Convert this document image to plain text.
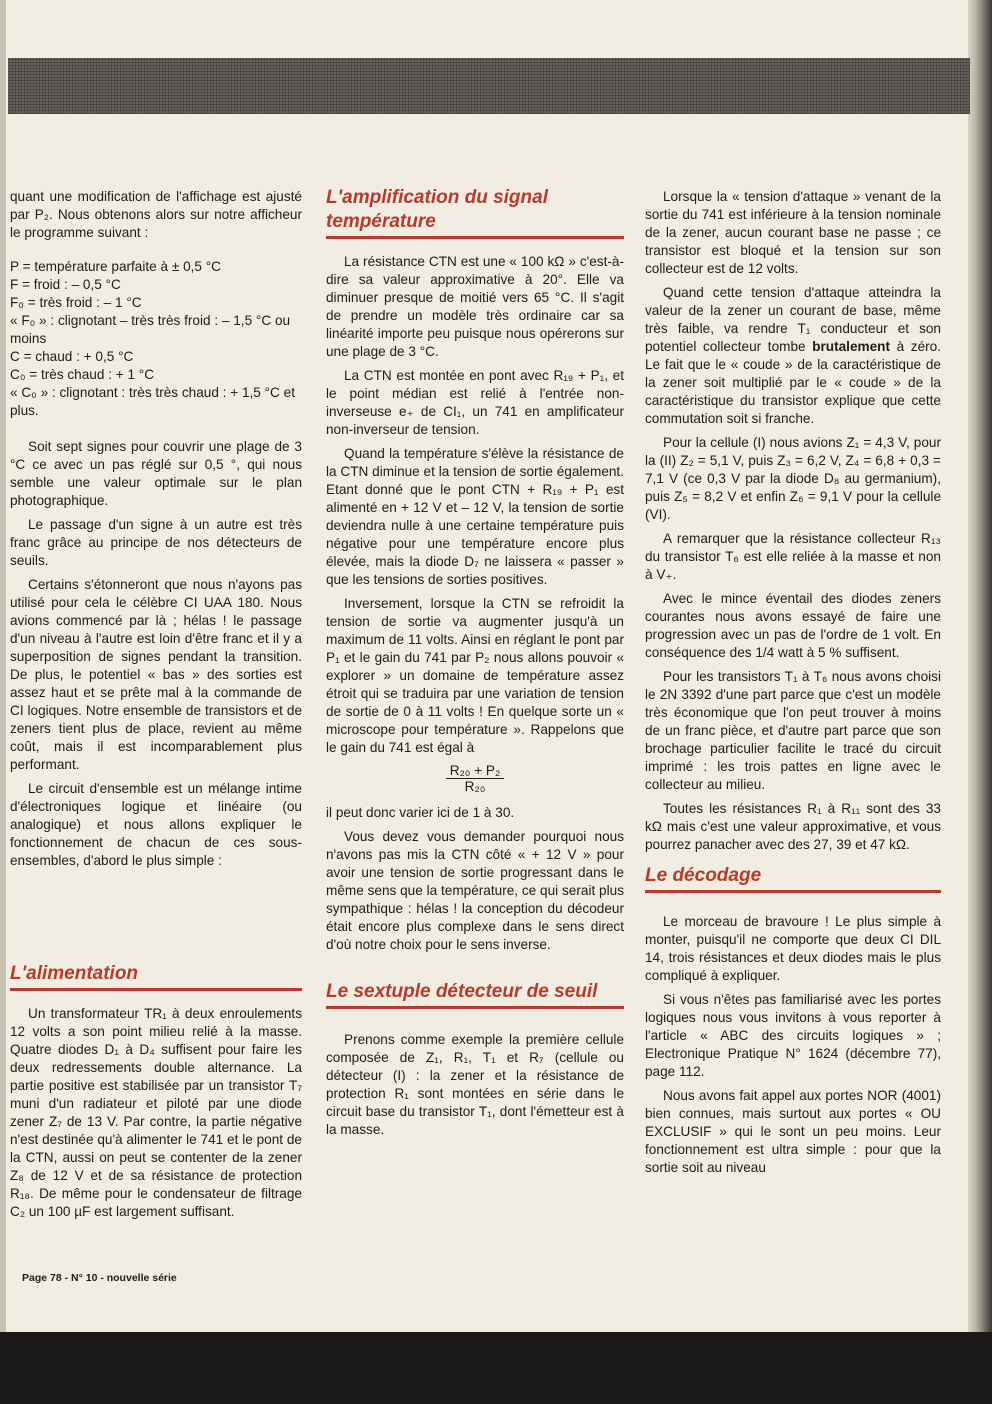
quant une modification de l'affichage est ajusté par P₂. Nous obtenons alors sur notre afficheur le programme suivant :

P = température parfaite à ± 0,5 °C

F = froid : – 0,5 °C

F₀ = très froid : – 1 °C

« F₀ » : clignotant – très très froid : – 1,5 °C ou moins

C = chaud : + 0,5 °C

C₀ = très chaud : + 1 °C

« C₀ » : clignotant : très très chaud : + 1,5 °C et plus.

Soit sept signes pour couvrir une plage de 3 °C ce avec un pas réglé sur 0,5 °, qui nous semble une valeur optimale sur le plan photographique.

Le passage d'un signe à un autre est très franc grâce au principe de nos détecteurs de seuils.

Certains s'étonneront que nous n'ayons pas utilisé pour cela le célèbre CI UAA 180. Nous avions commencé par là ; hélas ! le passage d'un niveau à l'autre est loin d'être franc et il y a superposition de signes pendant la transition. De plus, le potentiel « bas » des sorties est assez haut et se prête mal à la commande de CI logiques. Notre ensemble de transistors et de zeners tient plus de place, revient au même coût, mais il est incomparablement plus performant.

Le circuit d'ensemble est un mélange intime d'électroniques logique et linéaire (ou analogique) et nous allons expliquer le fonctionnement de chacun de ces sous-ensembles, d'abord le plus simple :

L'alimentation

Un transformateur TR₁ à deux enroulements 12 volts a son point milieu relié à la masse. Quatre diodes D₁ à D₄ suffisent pour faire les deux redressements double alternance. La partie positive est stabilisée par un transistor T₇ muni d'un radiateur et piloté par une diode zener Z₇ de 13 V. Par contre, la partie négative n'est destinée qu'à alimenter le 741 et le pont de la CTN, aussi on peut se contenter de la zener Z₈ de 12 V et de sa résistance de protection R₁₈. De même pour le condensateur de filtrage C₂ un 100 µF est largement suffisant.

L'amplification du signal température

La résistance CTN est une « 100 kΩ » c'est-à-dire sa valeur approximative à 20°. Elle va diminuer presque de moitié vers 65 °C. Il s'agit de prendre un modèle très ordinaire car sa linéarité importe peu puisque nous opérerons sur une plage de 3 °C.

La CTN est montée en pont avec R₁₉ + P₁, et le point médian est relié à l'entrée non-inverseuse e₊ de CI₁, un 741 en amplificateur non-inverseur de tension.

Quand la température s'élève la résistance de la CTN diminue et la tension de sortie également. Etant donné que le pont CTN + R₁₉ + P₁ est alimenté en + 12 V et – 12 V, la tension de sortie deviendra nulle à une certaine température puis négative pour une température encore plus élevée, mais la diode D₇ ne laissera « passer » que les tensions de sorties positives.

Inversement, lorsque la CTN se refroidit la tension de sortie va augmenter jusqu'à un maximum de 11 volts. Ainsi en réglant le pont par P₁ et le gain du 741 par P₂ nous allons pouvoir « explorer » un domaine de température assez étroit qui se traduira par une variation de tension de sortie de 0 à 11 volts ! En quelque sorte un « microscope pour température ». Rappelons que le gain du 741 est égal à

R₂₀ + P₂
R₂₀

il peut donc varier ici de 1 à 30.

Vous devez vous demander pourquoi nous n'avons pas mis la CTN côté « + 12 V » pour avoir une tension de sortie progressant dans le même sens que la température, ce qui serait plus sympathique : hélas ! la conception du décodeur était encore plus complexe dans le sens direct d'où notre choix pour le sens inverse.

Le sextuple détecteur de seuil

Prenons comme exemple la première cellule composée de Z₁, R₁, T₁ et R₇ (cellule ou détecteur (I) : la zener et la résistance de protection R₁ sont montées en série dans le circuit base du transistor T₁, dont l'émetteur est à la masse.

Lorsque la « tension d'attaque » venant de la sortie du 741 est inférieure à la tension nominale de la zener, aucun courant base ne passe ; ce transistor est bloqué et la tension sur son collecteur est de 12 volts.

Quand cette tension d'attaque atteindra la valeur de la zener un courant de base, même très faible, va rendre T₁ conducteur et son potentiel collecteur tombe brutalement à zéro. Le fait que le « coude » de la caractéristique de la zener soit multiplié par le « coude » de la caractéristique du transistor explique que cette commutation soit si franche.

Pour la cellule (I) nous avions Z₁ = 4,3 V, pour la (II) Z₂ = 5,1 V, puis Z₃ = 6,2 V, Z₄ = 6,8 + 0,3 = 7,1 V (ce 0,3 V par la diode D₈ au germanium), puis Z₅ = 8,2 V et enfin Z₆ = 9,1 V pour la cellule (VI).

A remarquer que la résistance collecteur R₁₃ du transistor T₆ est elle reliée à la masse et non à V₊.

Avec le mince éventail des diodes zeners courantes nous avons essayé de faire une progression avec un pas de l'ordre de 1 volt. En conséquence des 1/4 watt à 5 % suffisent.

Pour les transistors T₁ à T₆ nous avons choisi le 2N 3392 d'une part parce que c'est un modèle très économique que l'on peut trouver à moins de un franc pièce, et d'autre part parce que son brochage particulier facilite le tracé du circuit imprimé : les trois pattes en ligne avec le collecteur au milieu.

Toutes les résistances R₁ à R₁₁ sont des 33 kΩ mais c'est une valeur approximative, et vous pourrez panacher avec des 27, 39 et 47 kΩ.

Le décodage

Le morceau de bravoure ! Le plus simple à monter, puisqu'il ne comporte que deux CI DIL 14, trois résistances et deux diodes mais le plus compliqué à expliquer.

Si vous n'êtes pas familiarisé avec les portes logiques nous vous invitons à vous reporter à l'article « ABC des circuits logiques » ; Electronique Pratique N° 1624 (décembre 77), page 112.

Nous avons fait appel aux portes NOR (4001) bien connues, mais surtout aux portes « OU EXCLUSIF » qui le sont un peu moins. Leur fonctionnement est ultra simple : pour que la sortie soit au niveau

Page 78 - N° 10 - nouvelle série
